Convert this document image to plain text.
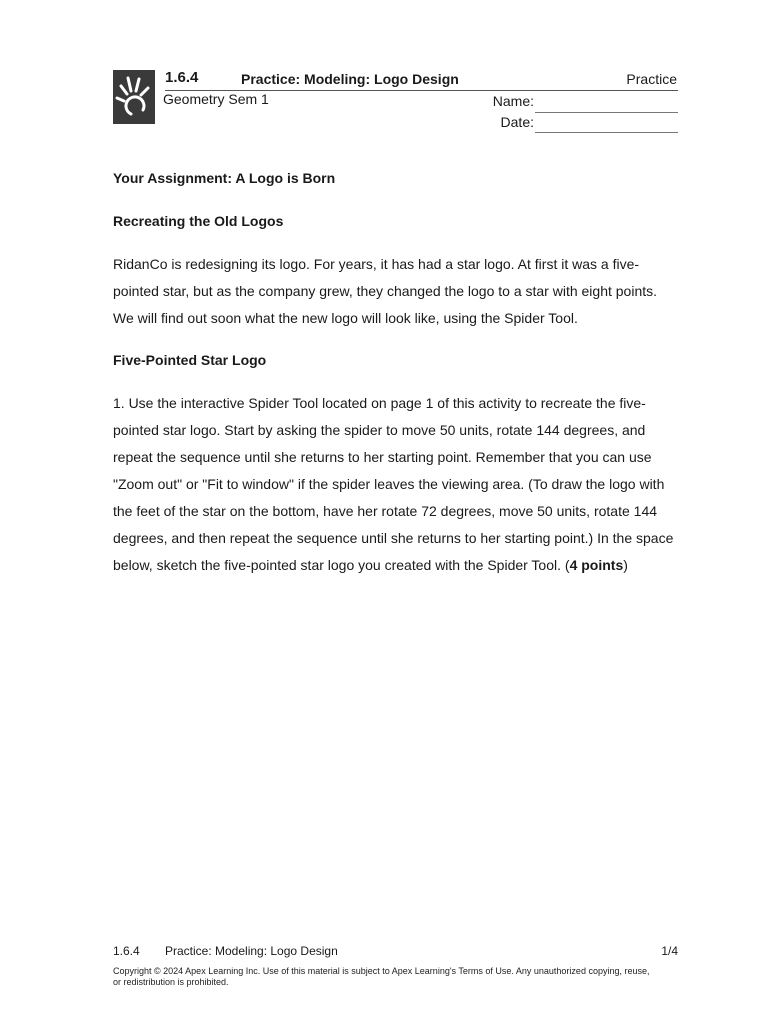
1.6.4	Practice: Modeling: Logo Design	Practice
Geometry Sem 1	Name:
Date:
Your Assignment: A Logo is Born
Recreating the Old Logos

RidanCo is redesigning its logo. For years, it has had a star logo. At first it was a five-pointed star, but as the company grew, they changed the logo to a star with eight points. We will find out soon what the new logo will look like, using the Spider Tool.

Five-Pointed Star Logo

1. Use the interactive Spider Tool located on page 1 of this activity to recreate the five-pointed star logo. Start by asking the spider to move 50 units, rotate 144 degrees, and repeat the sequence until she returns to her starting point. Remember that you can use "Zoom out" or "Fit to window" if the spider leaves the viewing area. (To draw the logo with the feet of the star on the bottom, have her rotate 72 degrees, move 50 units, rotate 144 degrees, and then repeat the sequence until she returns to her starting point.) In the space below, sketch the five-pointed star logo you created with the Spider Tool. (4 points)

1.6.4 Practice: Modeling: Logo Design	1/4
Copyright © 2024 Apex Learning Inc. Use of this material is subject to Apex Learning's Terms of Use. Any unauthorized copying, reuse, or redistribution is prohibited.
